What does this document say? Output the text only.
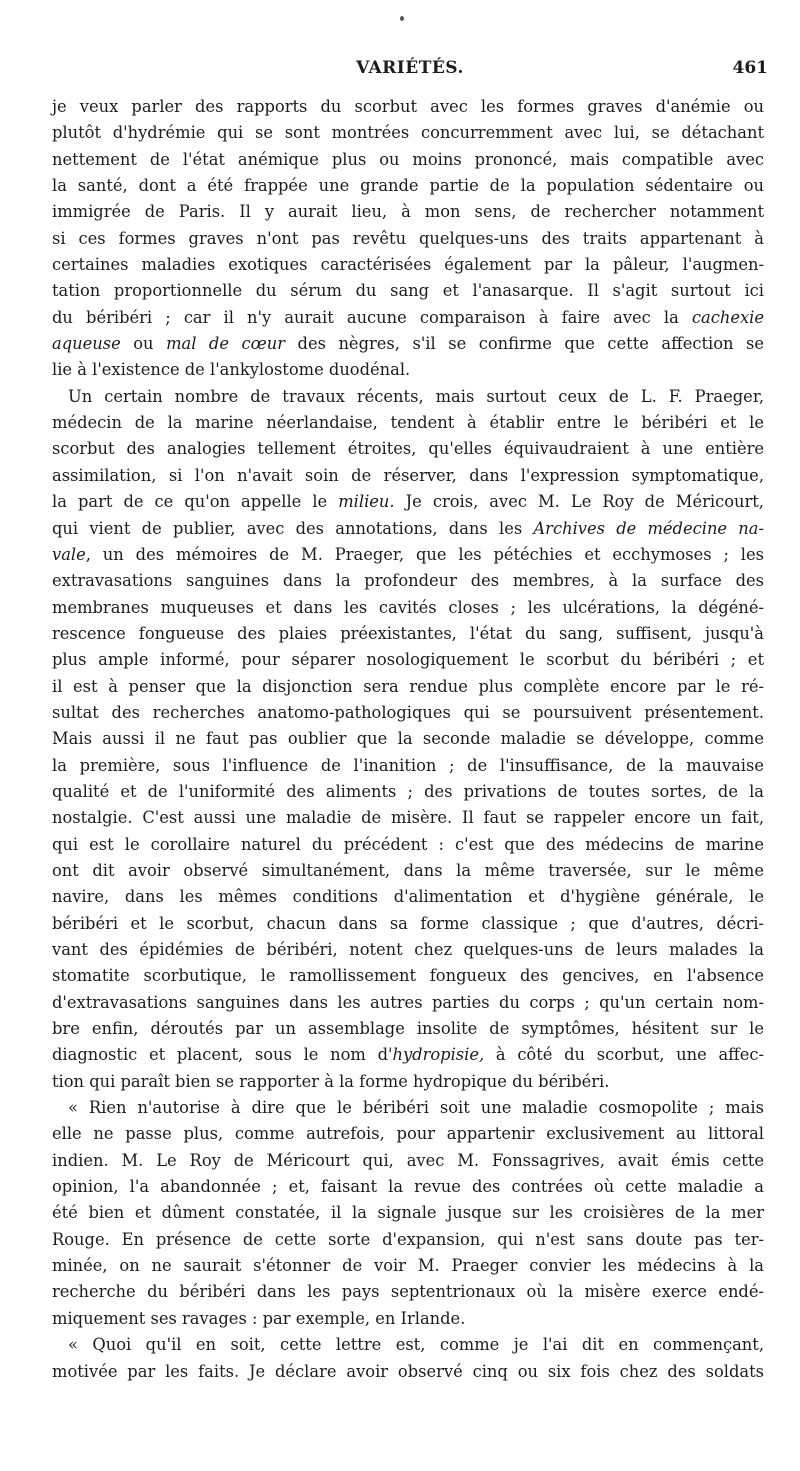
VARIÉTÉS.	461
je veux parler des rapports du scorbut avec les formes graves d'anémie ou
plutôt d'hydrémie qui se sont montrées concurremment avec lui, se détachant
nettement de l'état anémique plus ou moins prononcé, mais compatible avec
la santé, dont a été frappée une grande partie de la population sédentaire ou
immigrée de Paris. Il y aurait lieu, à mon sens, de rechercher notamment
si ces formes graves n'ont pas revêtu quelques-uns des traits appartenant à
certaines maladies exotiques caractérisées également par la pâleur, l'augmen-
tation proportionnelle du sérum du sang et l'anasarque. Il s'agit surtout ici
du béribéri ; car il n'y aurait aucune comparaison à faire avec la cachexie
aqueuse ou mal de cœur des nègres, s'il se confirme que cette affection se
lie à l'existence de l'ankylostome duodénal.
Un certain nombre de travaux récents, mais surtout ceux de L. F. Praeger,
médecin de la marine néerlandaise, tendent à établir entre le béribéri et le
scorbut des analogies tellement étroites, qu'elles équivaudraient à une entière
assimilation, si l'on n'avait soin de réserver, dans l'expression symptomatique,
la part de ce qu'on appelle le milieu. Je crois, avec M. Le Roy de Méricourt,
qui vient de publier, avec des annotations, dans les Archives de médecine na-
vale, un des mémoires de M. Praeger, que les pétéchies et ecchymoses ; les
extravasations sanguines dans la profondeur des membres, à la surface des
membranes muqueuses et dans les cavités closes ; les ulcérations, la dégéné-
rescence fongueuse des plaies préexistantes, l'état du sang, suffisent, jusqu'à
plus ample informé, pour séparer nosologiquement le scorbut du béribéri ; et
il est à penser que la disjonction sera rendue plus complète encore par le ré-
sultat des recherches anatomo-pathologiques qui se poursuivent présentement.
Mais aussi il ne faut pas oublier que la seconde maladie se développe, comme
la première, sous l'influence de l'inanition ; de l'insuffisance, de la mauvaise
qualité et de l'uniformité des aliments ; des privations de toutes sortes, de la
nostalgie. C'est aussi une maladie de misère. Il faut se rappeler encore un fait,
qui est le corollaire naturel du précédent : c'est que des médecins de marine
ont dit avoir observé simultanément, dans la même traversée, sur le même
navire, dans les mêmes conditions d'alimentation et d'hygiène générale, le
béribéri et le scorbut, chacun dans sa forme classique ; que d'autres, décri-
vant des épidémies de béribéri, notent chez quelques-uns de leurs malades la
stomatite scorbutique, le ramollissement fongueux des gencives, en l'absence
d'extravasations sanguines dans les autres parties du corps ; qu'un certain nom-
bre enfin, déroutés par un assemblage insolite de symptômes, hésitent sur le
diagnostic et placent, sous le nom d'hydropisie, à côté du scorbut, une affec-
tion qui paraît bien se rapporter à la forme hydropique du béribéri.
« Rien n'autorise à dire que le béribéri soit une maladie cosmopolite ; mais
elle ne passe plus, comme autrefois, pour appartenir exclusivement au littoral
indien. M. Le Roy de Méricourt qui, avec M. Fonssagrives, avait émis cette
opinion, l'a abandonnée ; et, faisant la revue des contrées où cette maladie a
été bien et dûment constatée, il la signale jusque sur les croisières de la mer
Rouge. En présence de cette sorte d'expansion, qui n'est sans doute pas ter-
minée, on ne saurait s'étonner de voir M. Praeger convier les médecins à la
recherche du béribéri dans les pays septentrionaux où la misère exerce endé-
miquement ses ravages : par exemple, en Irlande.
« Quoi qu'il en soit, cette lettre est, comme je l'ai dit en commençant,
motivée par les faits. Je déclare avoir observé cinq ou six fois chez des soldats
